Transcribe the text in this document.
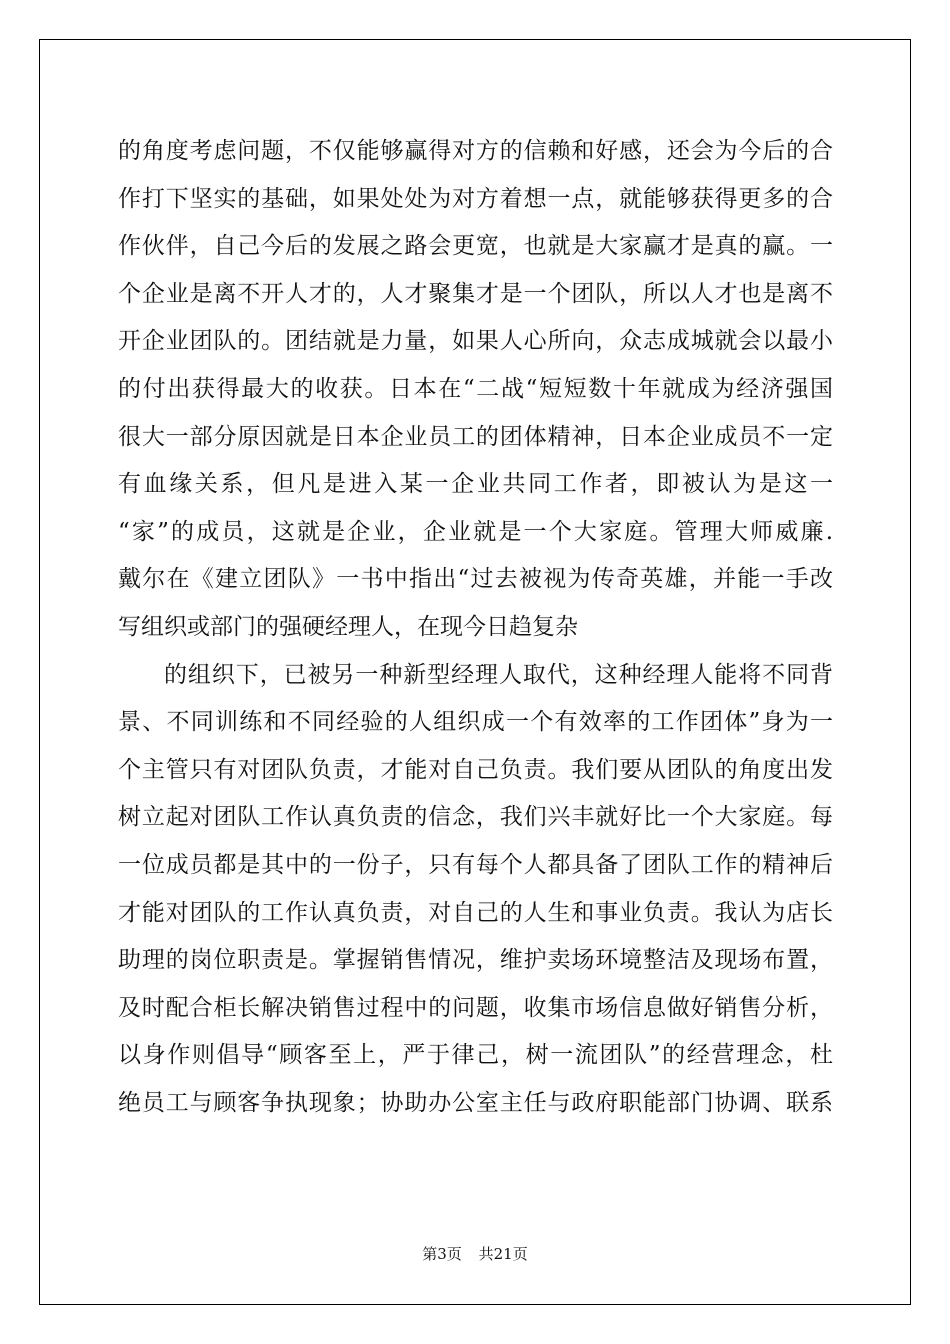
的角度考虑问题，不仅能够赢得对方的信赖和好感，还会为今后的合
作打下坚实的基础，如果处处为对方着想一点，就能够获得更多的合
作伙伴，自己今后的发展之路会更宽，也就是大家赢才是真的赢。一
个企业是离不开人才的，人才聚集才是一个团队，所以人才也是离不
开企业团队的。团结就是力量，如果人心所向，众志成城就会以最小
的付出获得最大的收获。日本在“二战“短短数十年就成为经济强国
很大一部分原因就是日本企业员工的团体精神，日本企业成员不一定
有血缘关系，但凡是进入某一企业共同工作者，即被认为是这一
“家”的成员，这就是企业，企业就是一个大家庭。管理大师威廉.
戴尔在《建立团队》一书中指出“过去被视为传奇英雄，并能一手改
写组织或部门的强硬经理人，在现今日趋复杂
的组织下，已被另一种新型经理人取代，这种经理人能将不同背
景、不同训练和不同经验的人组织成一个有效率的工作团体”身为一
个主管只有对团队负责，才能对自己负责。我们要从团队的角度出发
树立起对团队工作认真负责的信念，我们兴丰就好比一个大家庭。每
一位成员都是其中的一份子，只有每个人都具备了团队工作的精神后
才能对团队的工作认真负责，对自己的人生和事业负责。我认为店长
助理的岗位职责是。掌握销售情况，维护卖场环境整洁及现场布置，
及时配合柜长解决销售过程中的问题，收集市场信息做好销售分析，
以身作则倡导“顾客至上，严于律己，树一流团队”的经营理念，杜
绝员工与顾客争执现象；协助办公室主任与政府职能部门协调、联系
第3页 共21页
